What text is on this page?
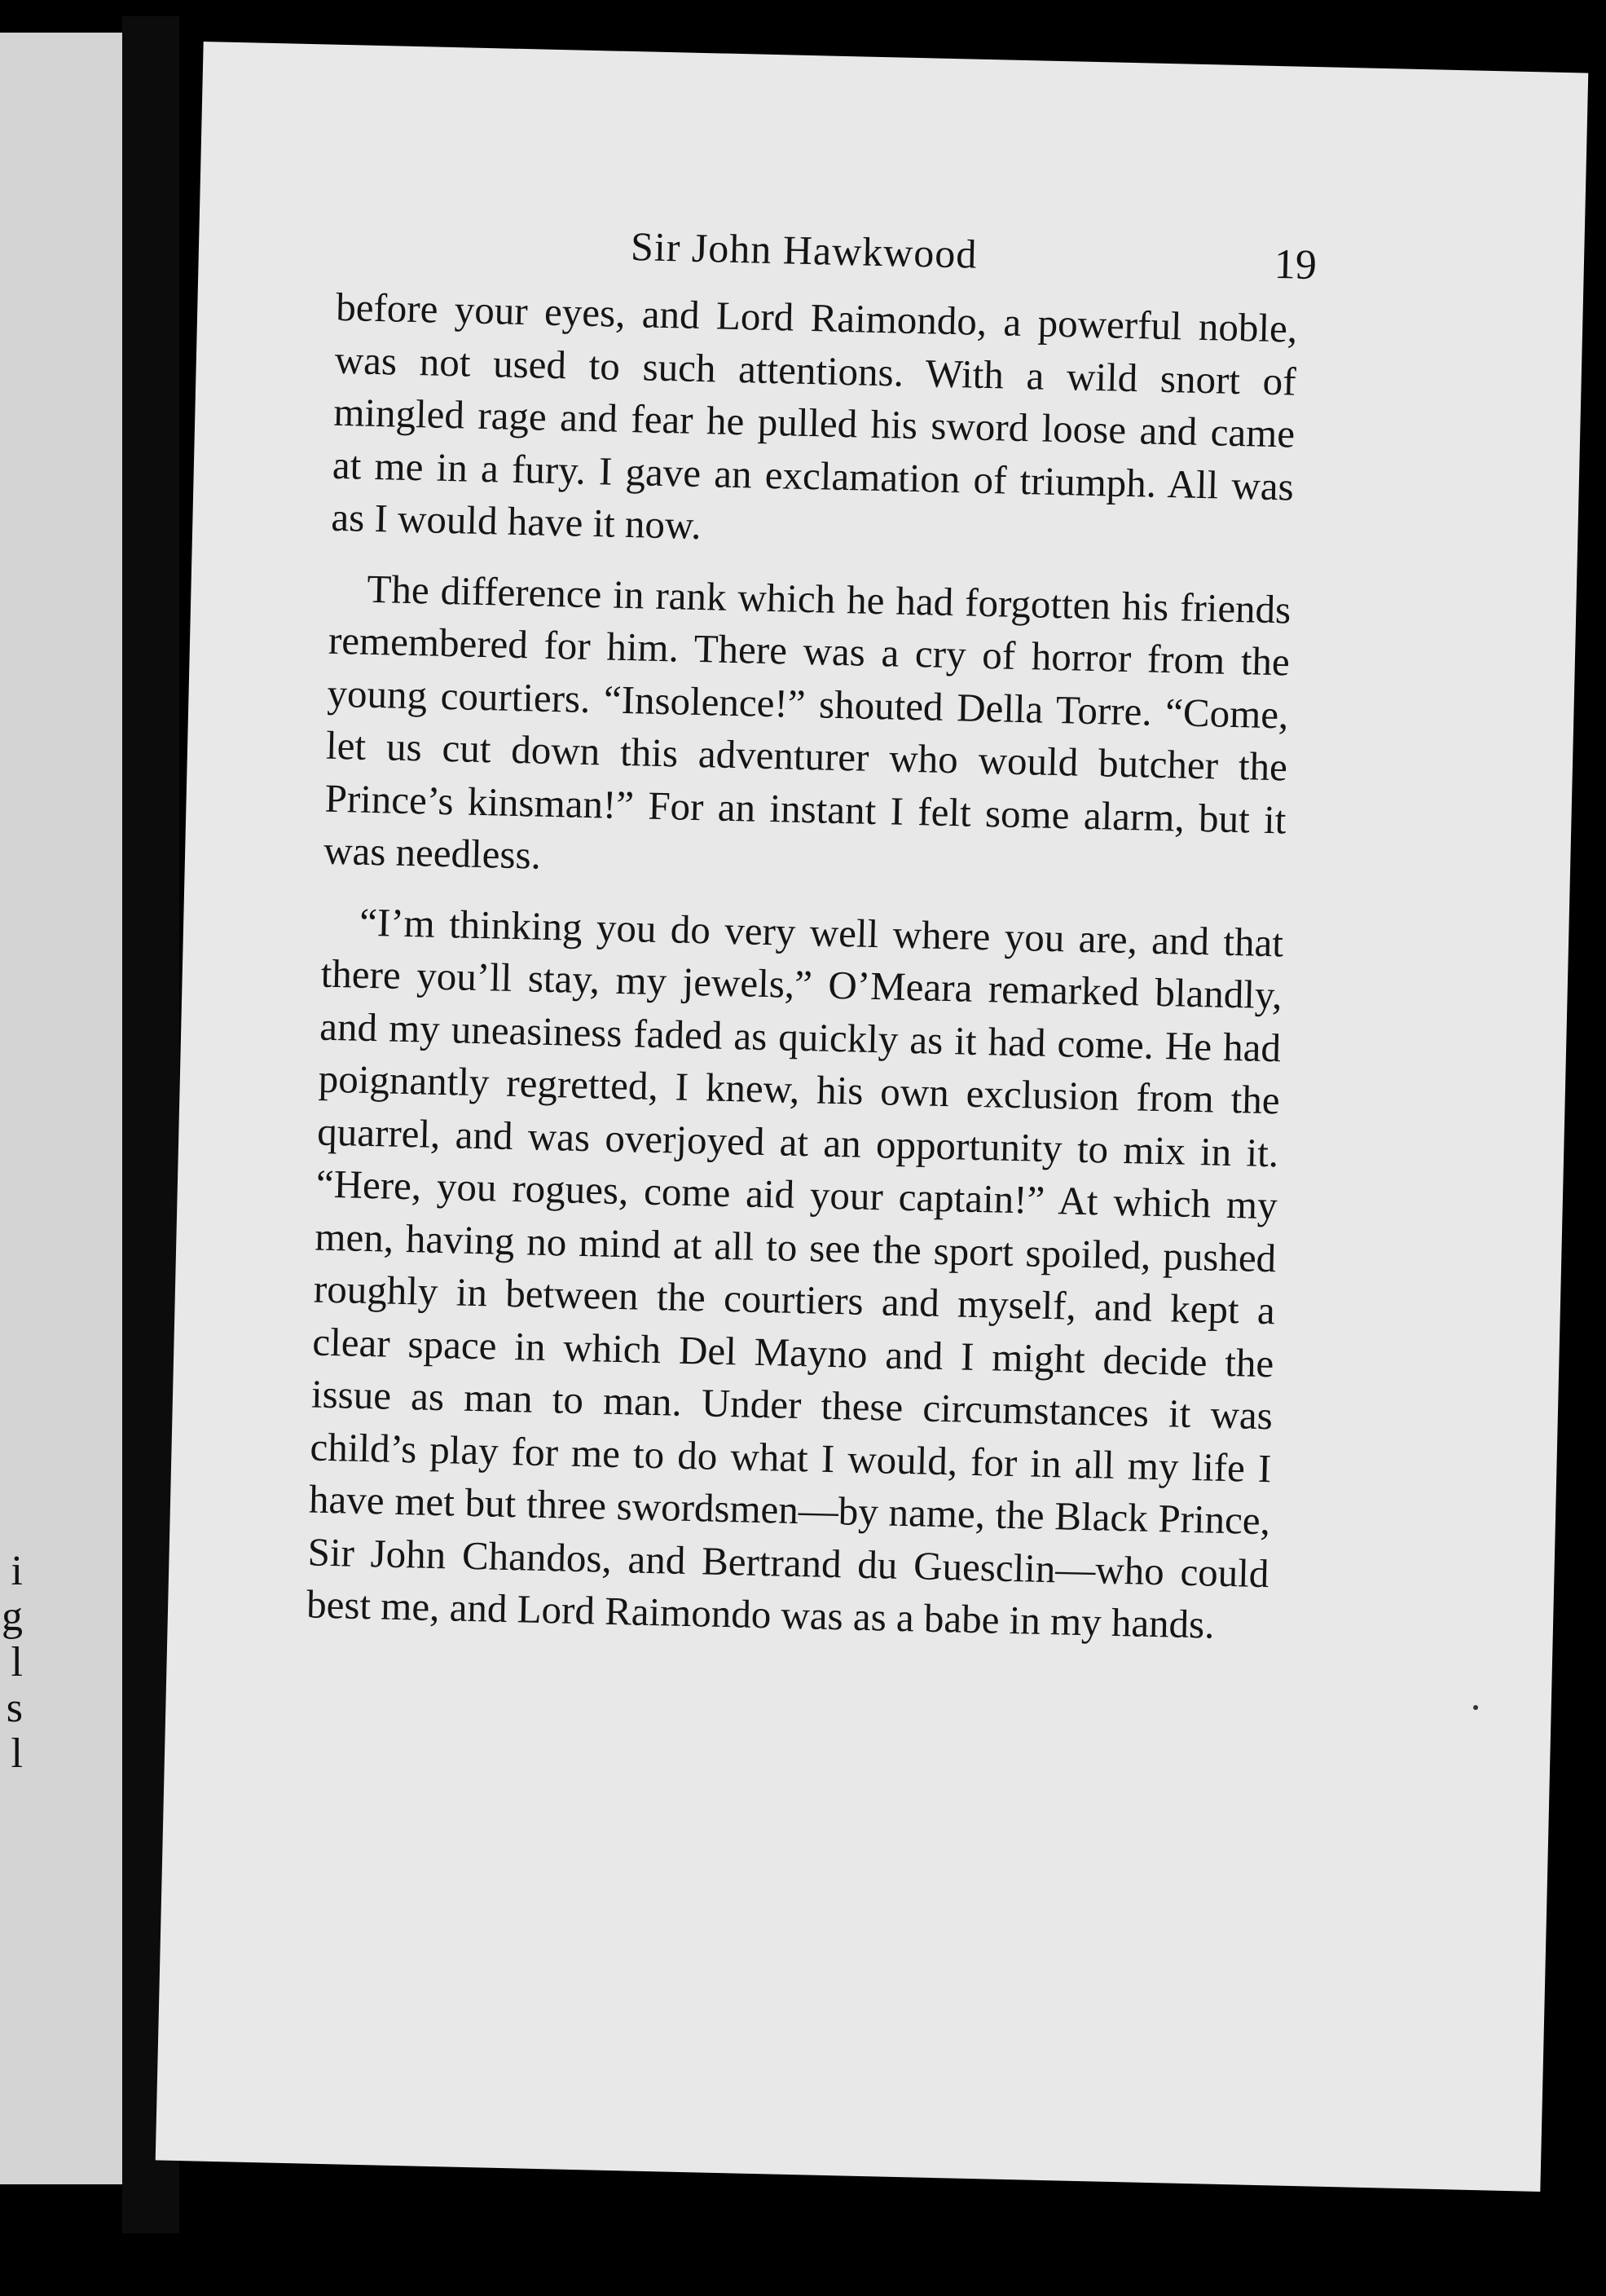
i
g
l
s
l
Sir John Hawkwood	19

before your eyes, and Lord Raimondo, a powerful noble, was not used to such attentions. With a wild snort of mingled rage and fear he pulled his sword loose and came at me in a fury. I gave an exclamation of triumph. All was as I would have it now.

The difference in rank which he had forgotten his friends remembered for him. There was a cry of horror from the young courtiers. “Insolence!” shouted Della Torre. “Come, let us cut down this adventurer who would butcher the Prince’s kinsman!” For an instant I felt some alarm, but it was needless.

“I’m thinking you do very well where you are, and that there you’ll stay, my jewels,” O’Meara remarked blandly, and my uneasiness faded as quickly as it had come. He had poignantly regretted, I knew, his own exclusion from the quarrel, and was overjoyed at an opportunity to mix in it. “Here, you rogues, come aid your captain!” At which my men, having no mind at all to see the sport spoiled, pushed roughly in between the courtiers and myself, and kept a clear space in which Del Mayno and I might decide the issue as man to man. Under these circumstances it was child’s play for me to do what I would, for in all my life I have met but three swordsmen—by name, the Black Prince, Sir John Chandos, and Bertrand du Guesclin—who could best me, and Lord Raimondo was as a babe in my hands.
